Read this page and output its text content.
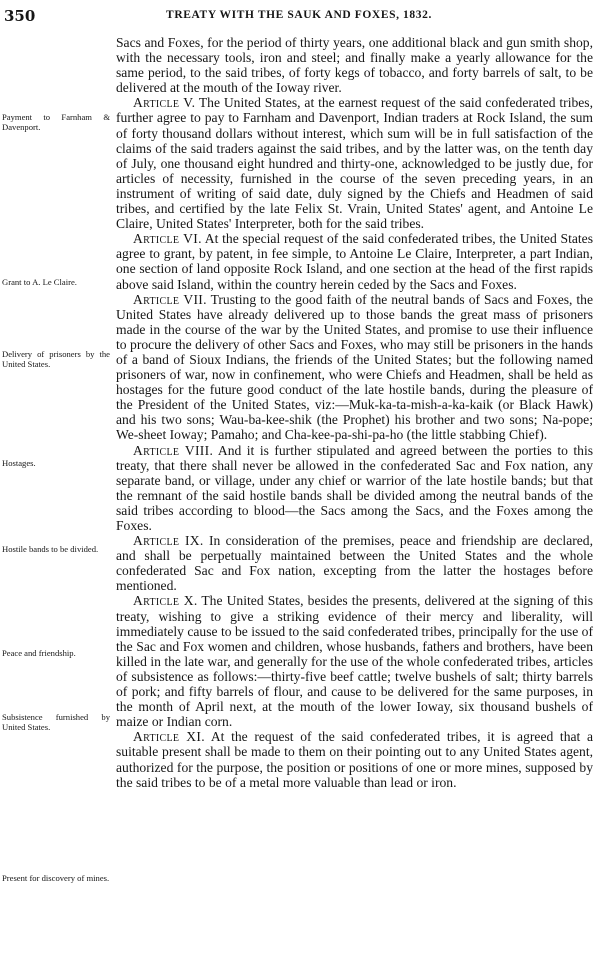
350	TREATY WITH THE SAUK AND FOXES, 1832.

Sacs and Foxes, for the period of thirty years, one additional black and gun smith shop, with the necessary tools, iron and steel; and finally make a yearly allowance for the same period, to the said tribes, of forty kegs of tobacco, and forty barrels of salt, to be delivered at the mouth of the Ioway river.

Article V. The United States, at the earnest request of the said confederated tribes, further agree to pay to Farnham and Davenport, Indian traders at Rock Island, the sum of forty thousand dollars without interest, which sum will be in full satisfaction of the claims of the said traders against the said tribes, and by the latter was, on the tenth day of July, one thousand eight hundred and thirty-one, acknowledged to be justly due, for articles of necessity, furnished in the course of the seven preceding years, in an instrument of writing of said date, duly signed by the Chiefs and Headmen of said tribes, and certified by the late Felix St. Vrain, United States' agent, and Antoine Le Claire, United States' Interpreter, both for the said tribes.

Article VI. At the special request of the said confederated tribes, the United States agree to grant, by patent, in fee simple, to Antoine Le Claire, Interpreter, a part Indian, one section of land opposite Rock Island, and one section at the head of the first rapids above said Island, within the country herein ceded by the Sacs and Foxes.

Article VII. Trusting to the good faith of the neutral bands of Sacs and Foxes, the United States have already delivered up to those bands the great mass of prisoners made in the course of the war by the United States, and promise to use their influence to procure the delivery of other Sacs and Foxes, who may still be prisoners in the hands of a band of Sioux Indians, the friends of the United States; but the following named prisoners of war, now in confinement, who were Chiefs and Headmen, shall be held as hostages for the future good conduct of the late hostile bands, during the pleasure of the President of the United States, viz:—Muk-ka-ta-mish-a-ka-kaik (or Black Hawk) and his two sons; Wau-ba-kee-shik (the Prophet) his brother and two sons; Na-pope; We-sheet Ioway; Pamaho; and Cha-kee-pa-shi-pa-ho (the little stabbing Chief).

Article VIII. And it is further stipulated and agreed between the porties to this treaty, that there shall never be allowed in the confederated Sac and Fox nation, any separate band, or village, under any chief or warrior of the late hostile bands; but that the remnant of the said hostile bands shall be divided among the neutral bands of the said tribes according to blood—the Sacs among the Sacs, and the Foxes among the Foxes.

Article IX. In consideration of the premises, peace and friendship are declared, and shall be perpetually maintained between the United States and the whole confederated Sac and Fox nation, excepting from the latter the hostages before mentioned.

Article X. The United States, besides the presents, delivered at the signing of this treaty, wishing to give a striking evidence of their mercy and liberality, will immediately cause to be issued to the said confederated tribes, principally for the use of the Sac and Fox women and children, whose husbands, fathers and brothers, have been killed in the late war, and generally for the use of the whole confederated tribes, articles of subsistence as follows:—thirty-five beef cattle; twelve bushels of salt; thirty barrels of pork; and fifty barrels of flour, and cause to be delivered for the same purposes, in the month of April next, at the mouth of the lower Ioway, six thousand bushels of maize or Indian corn.

Article XI. At the request of the said confederated tribes, it is agreed that a suitable present shall be made to them on their pointing out to any United States agent, authorized for the purpose, the position or positions of one or more mines, supposed by the said tribes to be of a metal more valuable than lead or iron.

Payment to Farnham & Davenport.
Grant to A. Le Claire.
Delivery of prisoners by the United States.
Hostages.
Hostile bands to be divided.
Peace and friendship.
Subsistence furnished by United States.
Present for discovery of mines.
